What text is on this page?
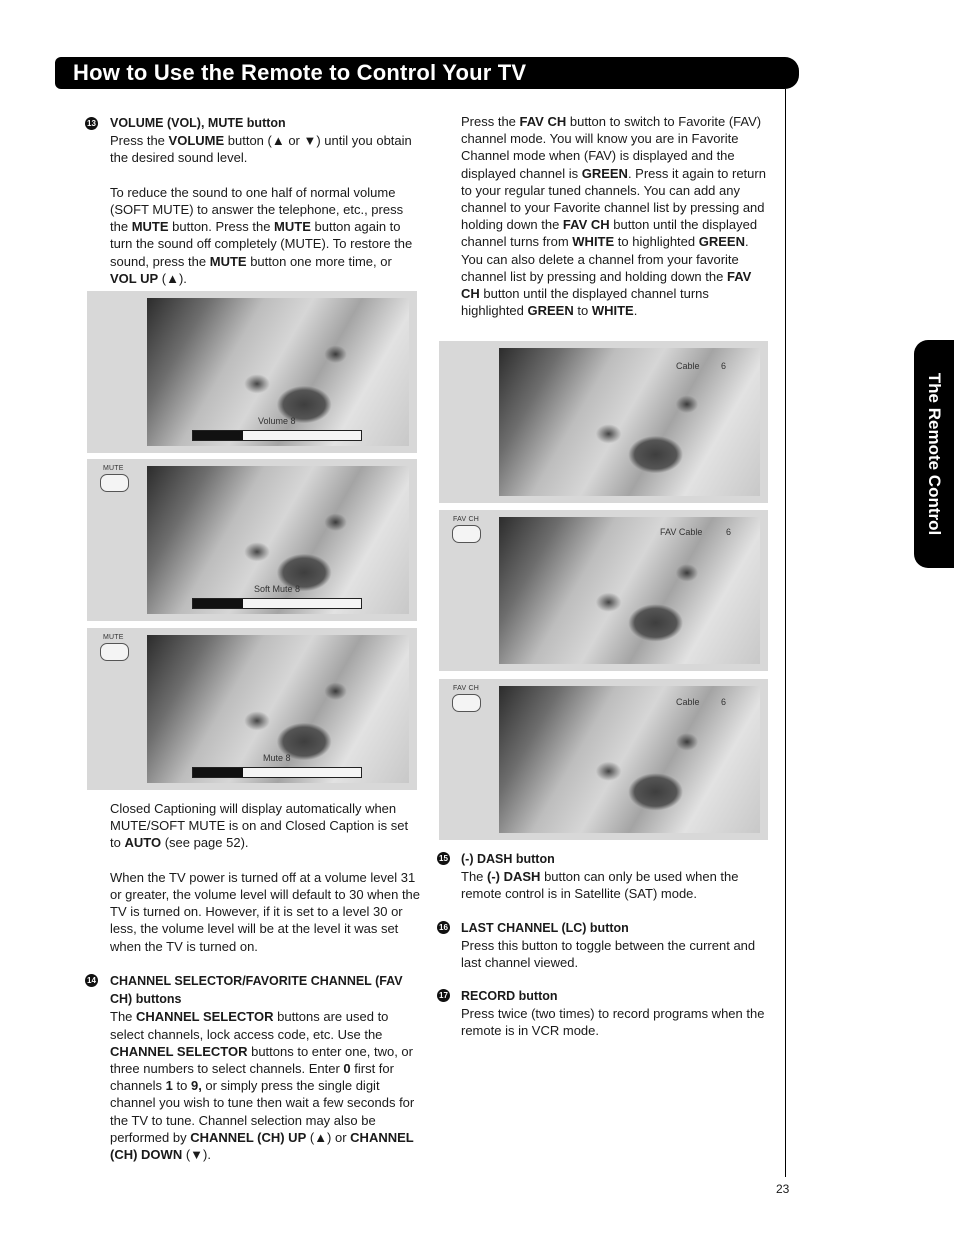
How to Use the Remote to Control Your TV
The Remote Control
13 VOLUME (VOL), MUTE button
Press the VOLUME button (▲ or ▼) until you obtain the desired sound level.

To reduce the sound to one half of normal volume (SOFT MUTE) to answer the telephone, etc., press the MUTE button. Press the MUTE button again to turn the sound off completely (MUTE). To restore the sound, press the MUTE button one more time, or VOL UP (▲).

Volume 8
MUTE
Soft Mute 8
MUTE
Mute 8

Closed Captioning will display automatically when MUTE/SOFT MUTE is on and Closed Caption is set to AUTO (see page 52).

When the TV power is turned off at a volume level 31 or greater, the volume level will default to 30 when the TV is turned on. However, if it is set to a level 30 or less, the volume level will be at the level it was set when the TV is turned on.

14 CHANNEL SELECTOR/FAVORITE CHANNEL (FAV CH) buttons
The CHANNEL SELECTOR buttons are used to select channels, lock access code, etc. Use the CHANNEL SELECTOR buttons to enter one, two, or three numbers to select channels. Enter 0 first for channels 1 to 9, or simply press the single digit channel you wish to tune then wait a few seconds for the TV to tune. Channel selection may also be performed by CHANNEL (CH) UP (▲) or CHANNEL (CH) DOWN (▼).

Press the FAV CH button to switch to Favorite (FAV) channel mode. You will know you are in Favorite Channel mode when (FAV) is displayed and the displayed channel is GREEN. Press it again to return to your regular tuned channels. You can add any channel to your Favorite channel list by pressing and holding down the FAV CH button until the displayed channel turns from WHITE to highlighted GREEN. You can also delete a channel from your favorite channel list by pressing and holding down the FAV CH button until the displayed channel turns highlighted GREEN to WHITE.

Cable 6
FAV CH
FAV Cable	6
FAV CH
Cable 6
15 (-) DASH button
The (-) DASH button can only be used when the remote control is in Satellite (SAT) mode.

16 LAST CHANNEL (LC) button
Press this button to toggle between the current and last channel viewed.

17 RECORD button
Press twice (two times) to record programs when the remote is in VCR mode.

23
